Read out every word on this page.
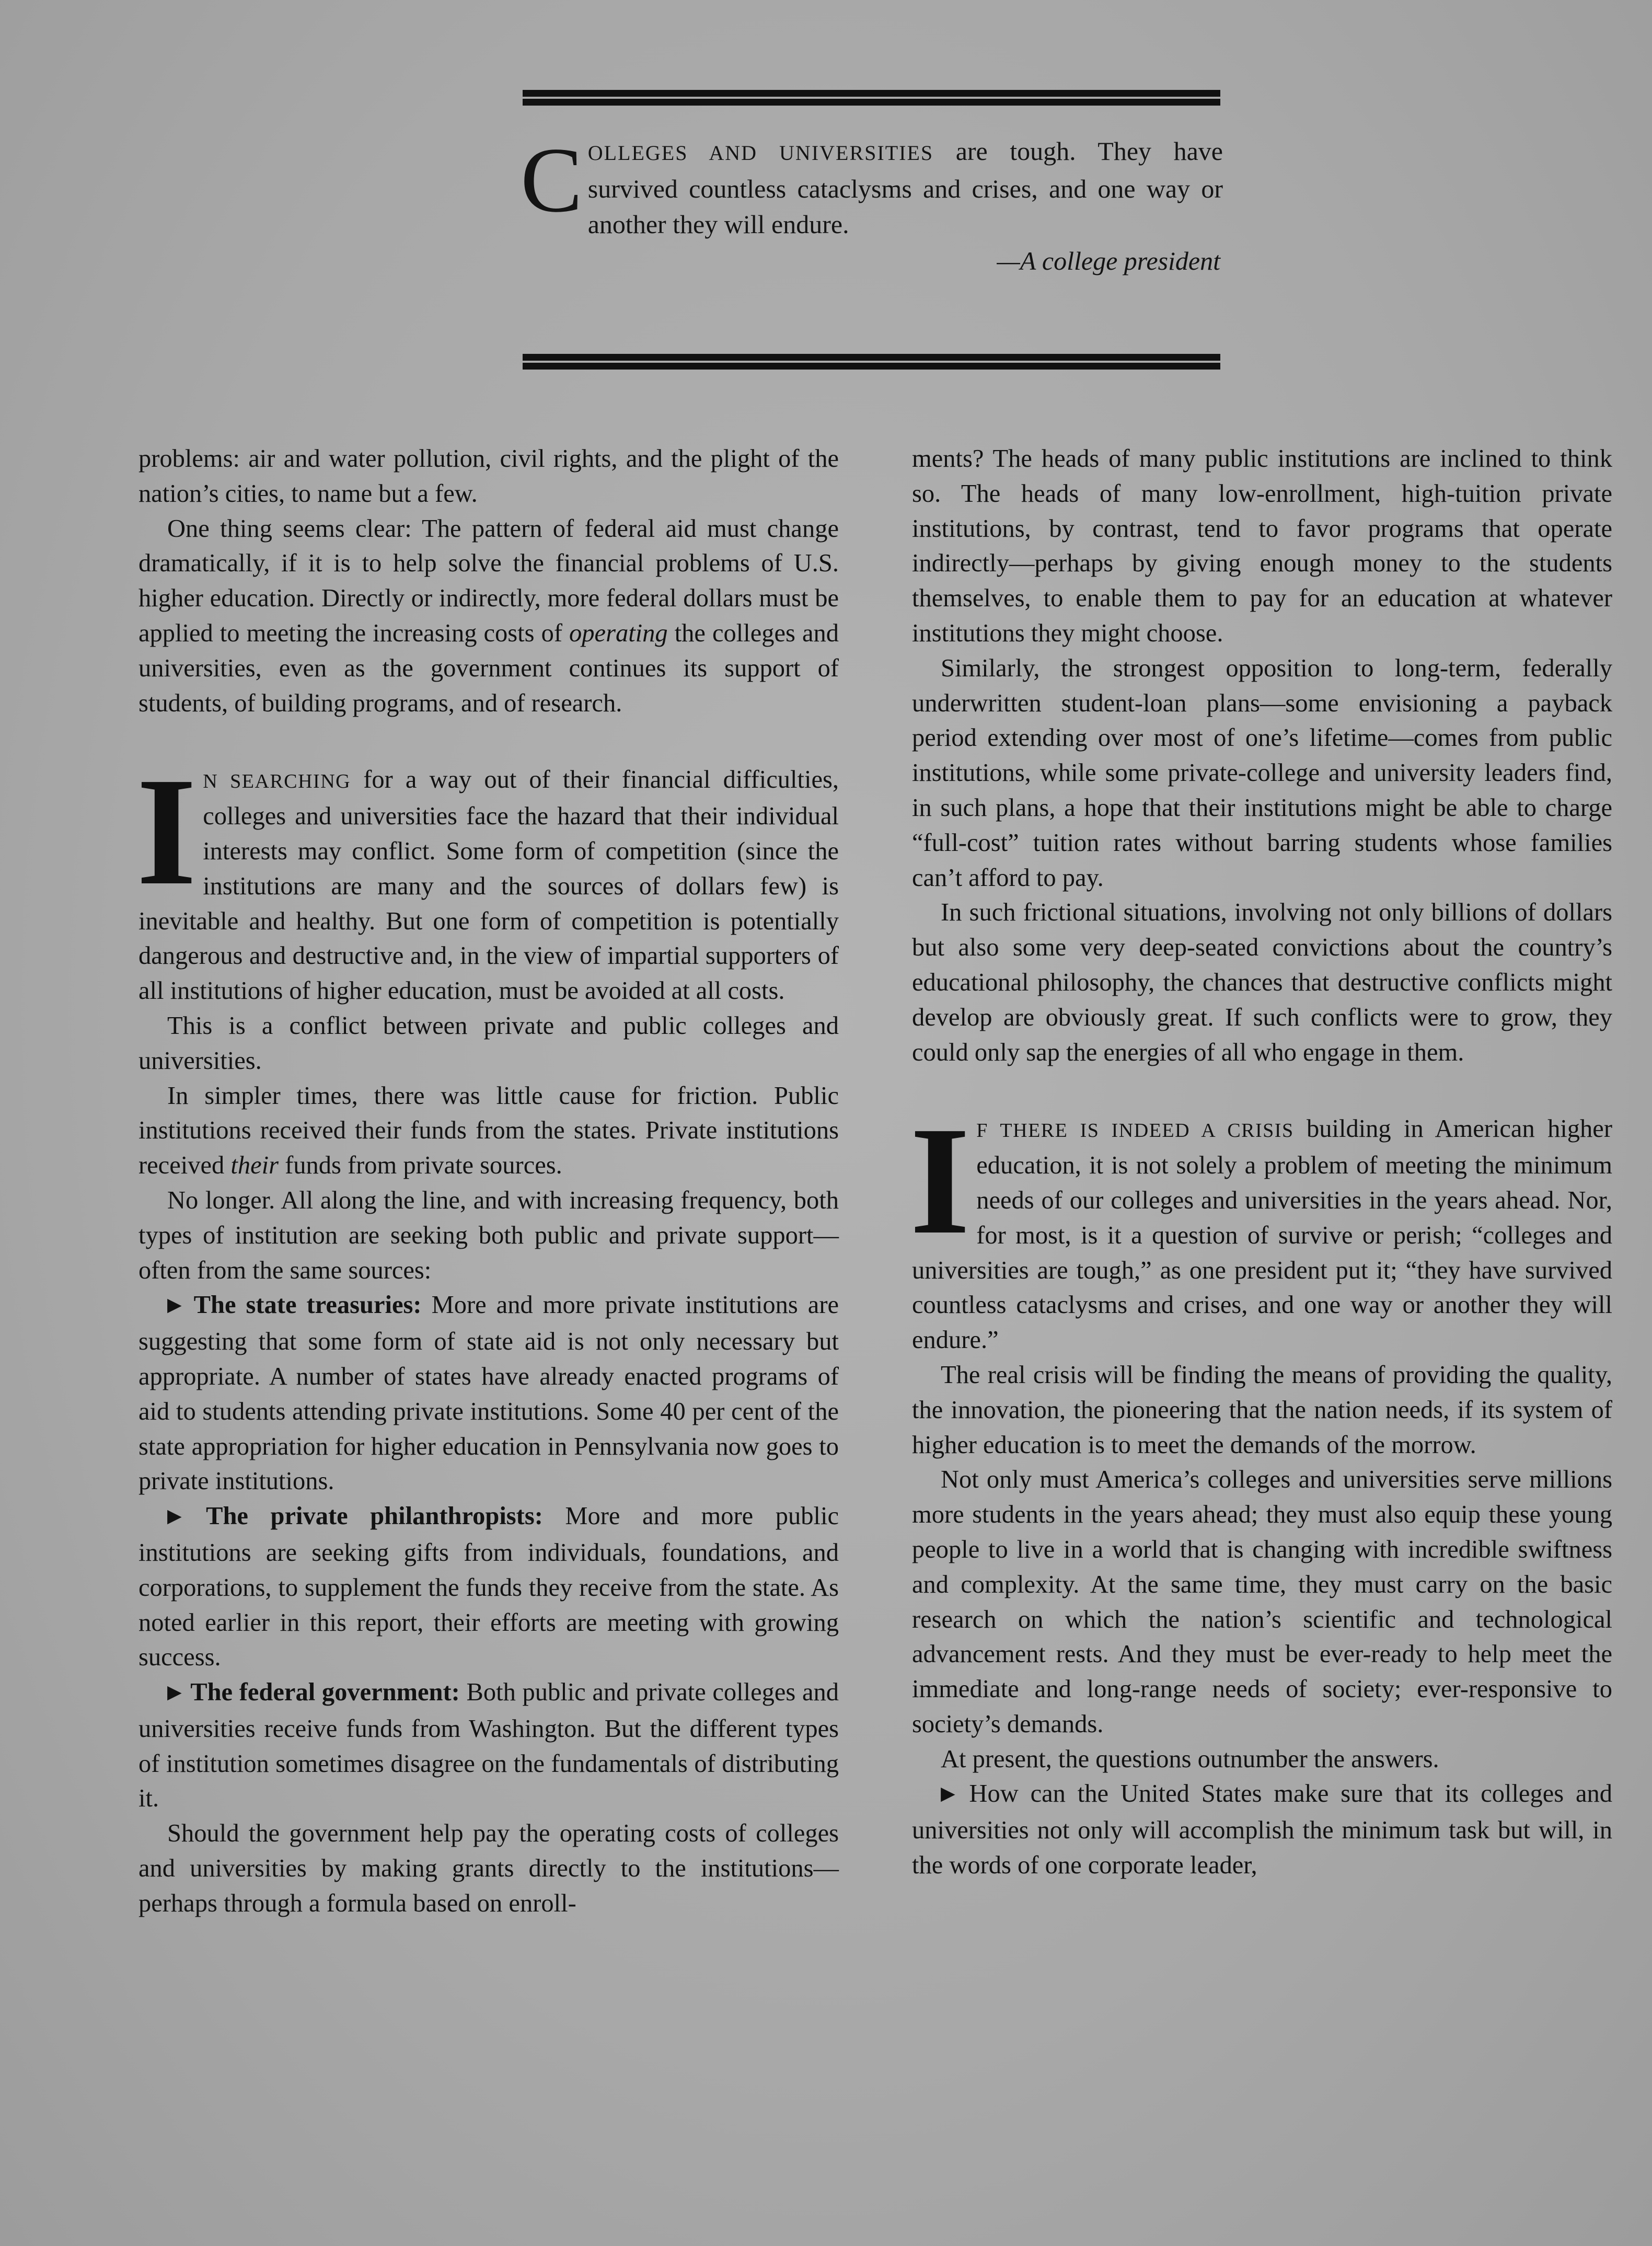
C OLLEGES AND UNIVERSITIES are tough. They have survived countless cataclysms and crises, and one way or another they will endure.

—A college president

problems: air and water pollution, civil rights, and the plight of the nation’s cities, to name but a few.

One thing seems clear: The pattern of federal aid must change dramatically, if it is to help solve the financial problems of U.S. higher education. Directly or indirectly, more federal dollars must be applied to meeting the increasing costs of operating the colleges and universities, even as the government continues its support of students, of building programs, and of research.

IN SEARCHING for a way out of their financial difficulties, colleges and universities face the hazard that their individual interests may conflict. Some form of competition (since the institutions are many and the sources of dollars few) is inevitable and healthy. But one form of competition is potentially dangerous and destructive and, in the view of impartial supporters of all institutions of higher education, must be avoided at all costs.

This is a conflict between private and public colleges and universities.

In simpler times, there was little cause for friction. Public institutions received their funds from the states. Private institutions received their funds from private sources.

No longer. All along the line, and with increasing frequency, both types of institution are seeking both public and private support—often from the same sources:

▶ The state treasuries: More and more private institutions are suggesting that some form of state aid is not only necessary but appropriate. A number of states have already enacted programs of aid to students attending private institutions. Some 40 per cent of the state appropriation for higher education in Pennsylvania now goes to private institutions.

▶ The private philanthropists: More and more public institutions are seeking gifts from individuals, foundations, and corporations, to supplement the funds they receive from the state. As noted earlier in this report, their efforts are meeting with growing success.

▶ The federal government: Both public and private colleges and universities receive funds from Washington. But the different types of institution sometimes disagree on the fundamentals of distributing it.

Should the government help pay the operating costs of colleges and universities by making grants directly to the institutions—perhaps through a formula based on enroll-

ments? The heads of many public institutions are inclined to think so. The heads of many low-enrollment, high-tuition private institutions, by contrast, tend to favor programs that operate indirectly—perhaps by giving enough money to the students themselves, to enable them to pay for an education at whatever institutions they might choose.

Similarly, the strongest opposition to long-term, federally underwritten student-loan plans—some envisioning a payback period extending over most of one’s lifetime—comes from public institutions, while some private-college and university leaders find, in such plans, a hope that their institutions might be able to charge “full-cost” tuition rates without barring students whose families can’t afford to pay.

In such frictional situations, involving not only billions of dollars but also some very deep-seated convictions about the country’s educational philosophy, the chances that destructive conflicts might develop are obviously great. If such conflicts were to grow, they could only sap the energies of all who engage in them.

IF THERE IS INDEED A CRISIS building in American higher education, it is not solely a problem of meeting the minimum needs of our colleges and universities in the years ahead. Nor, for most, is it a question of survive or perish; “colleges and universities are tough,” as one president put it; “they have survived countless cataclysms and crises, and one way or another they will endure.”

The real crisis will be finding the means of providing the quality, the innovation, the pioneering that the nation needs, if its system of higher education is to meet the demands of the morrow.

Not only must America’s colleges and universities serve millions more students in the years ahead; they must also equip these young people to live in a world that is changing with incredible swiftness and complexity. At the same time, they must carry on the basic research on which the nation’s scientific and technological advancement rests. And they must be ever-ready to help meet the immediate and long-range needs of society; ever-responsive to society’s demands.

At present, the questions outnumber the answers.

▶ How can the United States make sure that its colleges and universities not only will accomplish the minimum task but will, in the words of one corporate leader,
